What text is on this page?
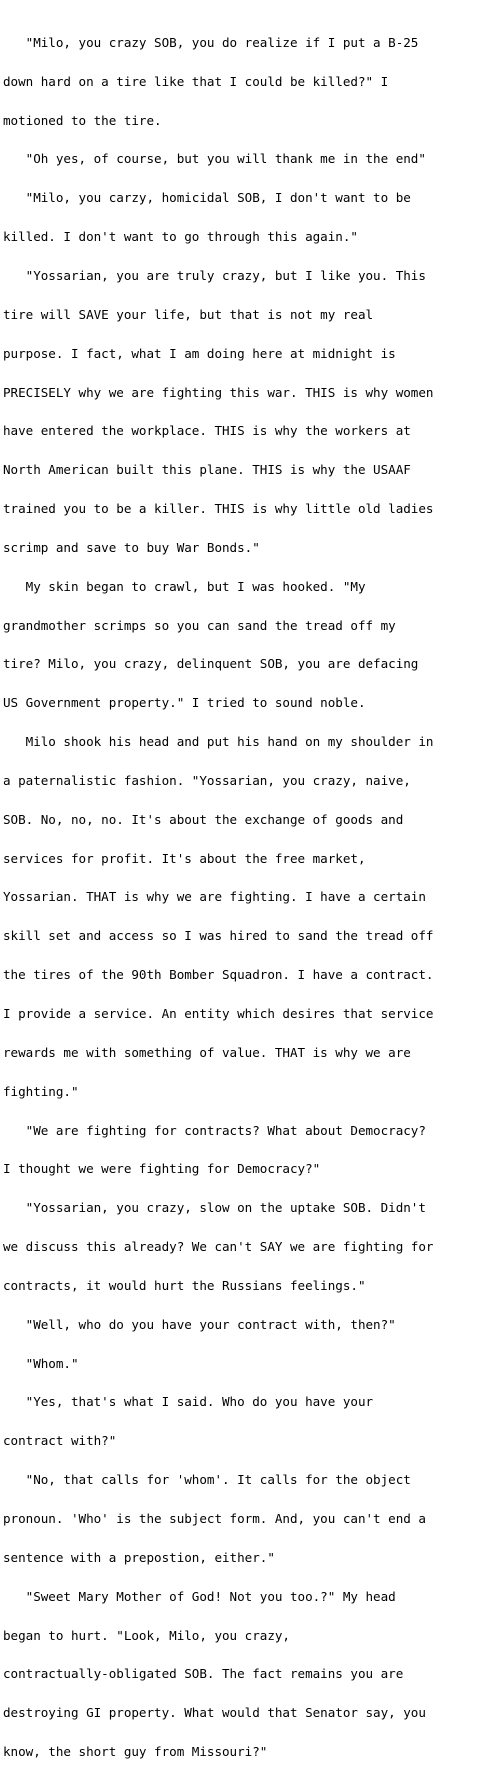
"Milo, you crazy SOB, you do realize if I put a B-25

down hard on a tire like that I could be killed?" I

motioned to the tire.

"Oh yes, of course, but you will thank me in the end"

"Milo, you carzy, homicidal SOB, I don't want to be

killed. I don't want to go through this again."

"Yossarian, you are truly crazy, but I like you. This

tire will SAVE your life, but that is not my real

purpose. I fact, what I am doing here at midnight is

PRECISELY why we are fighting this war. THIS is why women

have entered the workplace. THIS is why the workers at

North American built this plane. THIS is why the USAAF

trained you to be a killer. THIS is why little old ladies

scrimp and save to buy War Bonds."

My skin began to crawl, but I was hooked. "My

grandmother scrimps so you can sand the tread off my

tire? Milo, you crazy, delinquent SOB, you are defacing

US Government property." I tried to sound noble.

Milo shook his head and put his hand on my shoulder in

a paternalistic fashion. "Yossarian, you crazy, naive,

SOB. No, no, no. It's about the exchange of goods and

services for profit. It's about the free market,

Yossarian. THAT is why we are fighting. I have a certain

skill set and access so I was hired to sand the tread off

the tires of the 90th Bomber Squadron. I have a contract.

I provide a service. An entity which desires that service

rewards me with something of value. THAT is why we are

fighting."

"We are fighting for contracts? What about Democracy?

I thought we were fighting for Democracy?"

"Yossarian, you crazy, slow on the uptake SOB. Didn't

we discuss this already? We can't SAY we are fighting for

contracts, it would hurt the Russians feelings."

"Well, who do you have your contract with, then?"

"Whom."

"Yes, that's what I said. Who do you have your

contract with?"

"No, that calls for 'whom'. It calls for the object

pronoun. 'Who' is the subject form. And, you can't end a

sentence with a prepostion, either."

"Sweet Mary Mother of God! Not you too.?" My head

began to hurt. "Look, Milo, you crazy,

contractually-obligated SOB. The fact remains you are

destroying GI property. What would that Senator say, you

know, the short guy from Missouri?"
